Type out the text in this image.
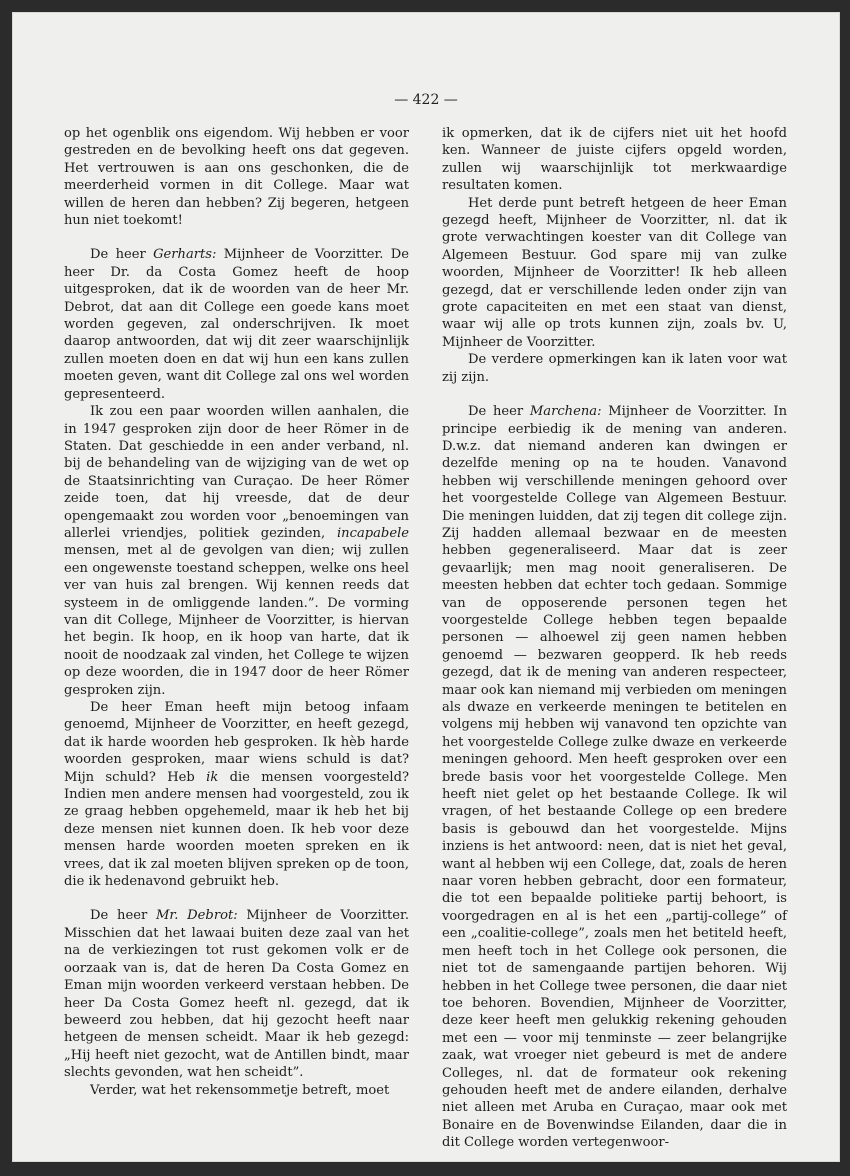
— 422 —

op het ogenblik ons eigendom. Wij hebben er voor gestreden en de bevolking heeft ons dat gegeven. Het vertrouwen is aan ons geschonken, die de meerderheid vormen in dit College. Maar wat willen de heren dan hebben? Zij begeren, hetgeen hun niet toekomt!

De heer Gerharts: Mijnheer de Voorzitter. De heer Dr. da Costa Gomez heeft de hoop uitgesproken, dat ik de woorden van de heer Mr. Debrot, dat aan dit College een goede kans moet worden gegeven, zal onderschrijven. Ik moet daarop antwoorden, dat wij dit zeer waarschijnlijk zullen moeten doen en dat wij hun een kans zullen moeten geven, want dit College zal ons wel worden gepresenteerd.

Ik zou een paar woorden willen aanhalen, die in 1947 gesproken zijn door de heer Römer in de Staten. Dat geschiedde in een ander verband, nl. bij de behandeling van de wijziging van de wet op de Staatsinrichting van Curaçao. De heer Römer zeide toen, dat hij vreesde, dat de deur opengemaakt zou worden voor „benoemingen van allerlei vriendjes, politiek gezinden, incapabele mensen, met al de gevolgen van dien; wij zullen een ongewenste toestand scheppen, welke ons heel ver van huis zal brengen. Wij kennen reeds dat systeem in de omliggende landen.”. De vorming van dit College, Mijnheer de Voorzitter, is hiervan het begin. Ik hoop, en ik hoop van harte, dat ik nooit de noodzaak zal vinden, het College te wijzen op deze woorden, die in 1947 door de heer Römer gesproken zijn.

De heer Eman heeft mijn betoog infaam genoemd, Mijnheer de Voorzitter, en heeft gezegd, dat ik harde woorden heb gesproken. Ik hèb harde woorden gesproken, maar wiens schuld is dat? Mijn schuld? Heb ik die mensen voorgesteld? Indien men andere mensen had voorgesteld, zou ik ze graag hebben opgehemeld, maar ik heb het bij deze mensen niet kunnen doen. Ik heb voor deze mensen harde woorden moeten spreken en ik vrees, dat ik zal moeten blijven spreken op de toon, die ik hedenavond gebruikt heb.

De heer Mr. Debrot: Mijnheer de Voorzitter. Misschien dat het lawaai buiten deze zaal van het na de verkiezingen tot rust gekomen volk er de oorzaak van is, dat de heren Da Costa Gomez en Eman mijn woorden verkeerd verstaan hebben. De heer Da Costa Gomez heeft nl. gezegd, dat ik beweerd zou hebben, dat hij gezocht heeft naar hetgeen de mensen scheidt. Maar ik heb gezegd: „Hij heeft niet gezocht, wat de Antillen bindt, maar slechts gevonden, wat hen scheidt”.

Verder, wat het rekensommetje betreft, moet

ik opmerken, dat ik de cijfers niet uit het hoofd ken. Wanneer de juiste cijfers opgeld worden, zullen wij waarschijnlijk tot merkwaardige resultaten komen.

Het derde punt betreft hetgeen de heer Eman gezegd heeft, Mijnheer de Voorzitter, nl. dat ik grote verwachtingen koester van dit College van Algemeen Bestuur. God spare mij van zulke woorden, Mijnheer de Voorzitter! Ik heb alleen gezegd, dat er verschillende leden onder zijn van grote capaciteiten en met een staat van dienst, waar wij alle op trots kunnen zijn, zoals bv. U, Mijnheer de Voorzitter.

De verdere opmerkingen kan ik laten voor wat zij zijn.

De heer Marchena: Mijnheer de Voorzitter. In principe eerbiedig ik de mening van anderen. D.w.z. dat niemand anderen kan dwingen er dezelfde mening op na te houden. Vanavond hebben wij verschillende meningen gehoord over het voorgestelde College van Algemeen Bestuur. Die meningen luidden, dat zij tegen dit college zijn. Zij hadden allemaal bezwaar en de meesten hebben gegeneraliseerd. Maar dat is zeer gevaarlijk; men mag nooit generaliseren. De meesten hebben dat echter toch gedaan. Sommige van de opposerende personen tegen het voorgestelde College hebben tegen bepaalde personen — alhoewel zij geen namen hebben genoemd — bezwaren geopperd. Ik heb reeds gezegd, dat ik de mening van anderen respecteer, maar ook kan niemand mij verbieden om meningen als dwaze en verkeerde meningen te betitelen en volgens mij hebben wij vanavond ten opzichte van het voorgestelde College zulke dwaze en verkeerde meningen gehoord. Men heeft gesproken over een brede basis voor het voorgestelde College. Men heeft niet gelet op het bestaande College. Ik wil vragen, of het bestaande College op een bredere basis is gebouwd dan het voorgestelde. Mijns inziens is het antwoord: neen, dat is niet het geval, want al hebben wij een College, dat, zoals de heren naar voren hebben gebracht, door een formateur, die tot een bepaalde politieke partij behoort, is voorgedragen en al is het een „partij-college” of een „coalitie-college”, zoals men het betiteld heeft, men heeft toch in het College ook personen, die niet tot de samengaande partijen behoren. Wij hebben in het College twee personen, die daar niet toe behoren. Bovendien, Mijnheer de Voorzitter, deze keer heeft men gelukkig rekening gehouden met een — voor mij tenminste — zeer belangrijke zaak, wat vroeger niet gebeurd is met de andere Colleges, nl. dat de formateur ook rekening gehouden heeft met de andere eilanden, derhalve niet alleen met Aruba en Curaçao, maar ook met Bonaire en de Bovenwindse Eilanden, daar die in dit College worden vertegenwoor-
